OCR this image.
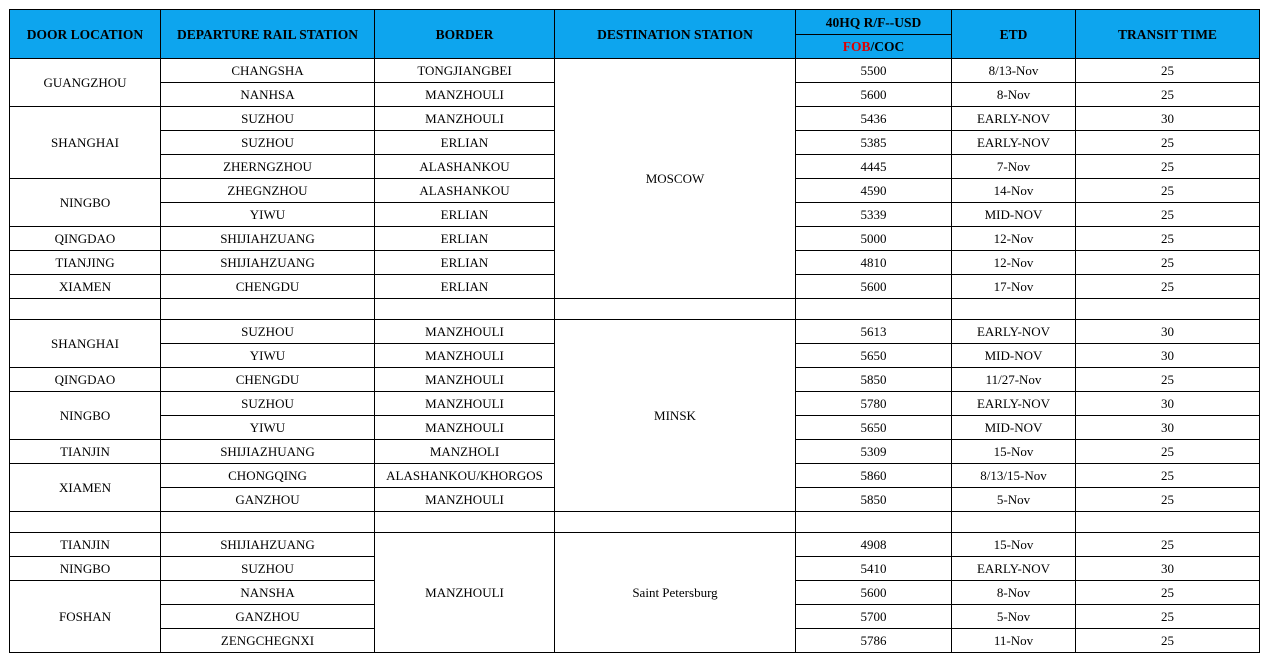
DOOR LOCATION	DEPARTURE RAIL STATION	BORDER	DESTINATION STATION	40HQ R/F--USD	ETD	TRANSIT TIME
				FOB/COC		
GUANGZHOU	CHANGSHA	TONGJIANGBEI	MOSCOW	5500	8/13-Nov	25
	NANHSA	MANZHOULI		5600	8-Nov	25
SHANGHAI	SUZHOU	MANZHOULI		5436	EARLY-NOV	30
	SUZHOU	ERLIAN		5385	EARLY-NOV	25
	ZHERNGZHOU	ALASHANKOU		4445	7-Nov	25
NINGBO	ZHEGNZHOU	ALASHANKOU		4590	14-Nov	25
	YIWU	ERLIAN		5339	MID-NOV	25
QINGDAO	SHIJIAHZUANG	ERLIAN		5000	12-Nov	25
TIANJING	SHIJIAHZUANG	ERLIAN		4810	12-Nov	25
XIAMEN	CHENGDU	ERLIAN		5600	17-Nov	25

SHANGHAI	SUZHOU	MANZHOULI	MINSK	5613	EARLY-NOV	30
	YIWU	MANZHOULI		5650	MID-NOV	30
QINGDAO	CHENGDU	MANZHOULI		5850	11/27-Nov	25
NINGBO	SUZHOU	MANZHOULI		5780	EARLY-NOV	30
	YIWU	MANZHOULI		5650	MID-NOV	30
TIANJIN	SHIJIAZHUANG	MANZHOLI		5309	15-Nov	25
XIAMEN	CHONGQING	ALASHANKOU/KHORGOS		5860	8/13/15-Nov	25
	GANZHOU	MANZHOULI		5850	5-Nov	25

TIANJIN	SHIJIAHZUANG	MANZHOULI	Saint Petersburg	4908	15-Nov	25
NINGBO	SUZHOU			5410	EARLY-NOV	30
FOSHAN	NANSHA			5600	8-Nov	25
	GANZHOU			5700	5-Nov	25
	ZENGCHEGNXI			5786	11-Nov	25
